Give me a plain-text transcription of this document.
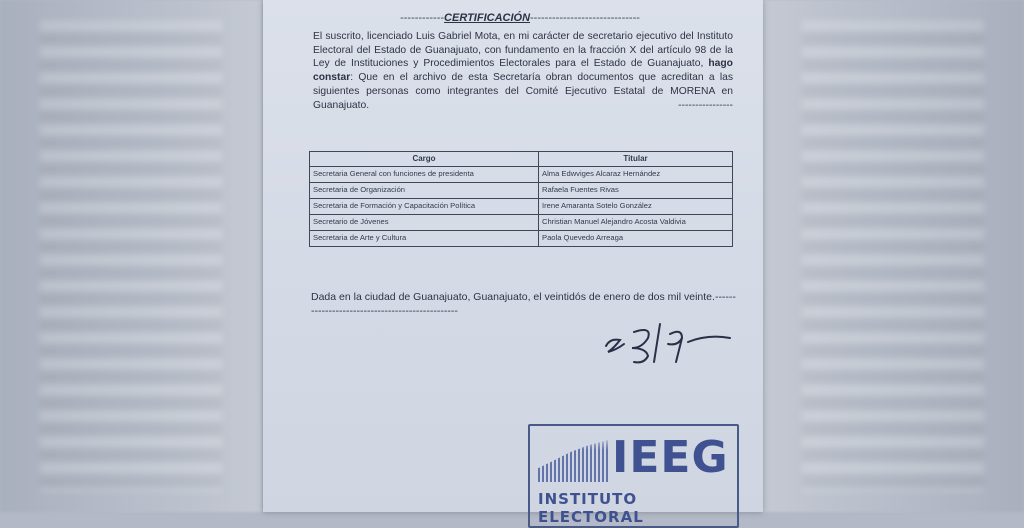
------------ CERTIFICACIÓN ------------------------------
El suscrito, licenciado Luis Gabriel Mota, en mi carácter de secretario ejecutivo del Instituto Electoral del Estado de Guanajuato, con fundamento en la fracción X del artículo 98 de la Ley de Instituciones y Procedimientos Electorales para el Estado de Guanajuato, hago constar: Que en el archivo de esta Secretaría obran documentos que acreditan a las siguientes personas como integrantes del Comité Ejecutivo Estatal de MORENA en Guanajuato. ----------------
Cargo	Titular
Secretaria General con funciones de presidenta	Alma Edwviges Alcaraz Hernández
Secretaria de Organización	Rafaela Fuentes Rivas
Secretaria de Formación y Capacitación Política	Irene Amaranta Sotelo González
Secretario de Jóvenes	Christian Manuel Alejandro Acosta Valdivia
Secretaria de Arte y Cultura	Paola Quevedo Arreaga
Dada en la ciudad de Guanajuato, Guanajuato, el veintidós de enero de dos mil veinte.------------------------------------------------
IEEG
INSTITUTO ELECTORAL
